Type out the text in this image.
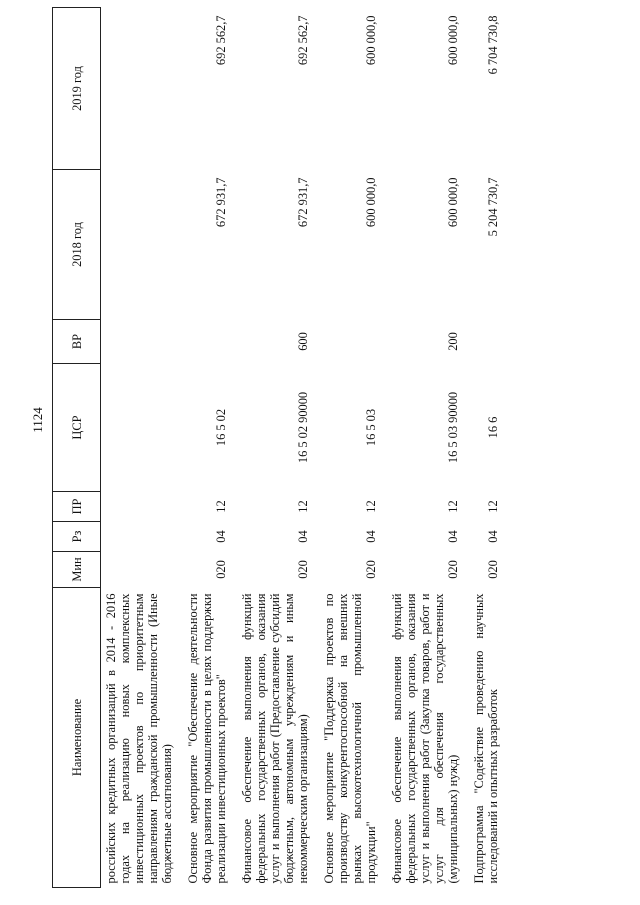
1124
Наименование	Мин	Рз	ПР	ЦСР	ВР	2018 год	2019 год
российских кредитных организаций в 2014 - 2016 годах на реализацию новых комплексных инвестиционных проектов по приоритетным направлениям гражданской промышленности (Иные бюджетные ассигнования)							

Основное мероприятие "Обеспечение деятельности Фонда развития промышленности в целях поддержки реализации инвестиционных проектов"	020	04	12	16 5 02		672 931,7	692 562,7

Финансовое обеспечение выполнения функций федеральных государственных органов, оказания услуг и выполнения работ (Предоставление субсидий бюджетным, автономным учреждениям и иным некоммерческим организациям)	020	04	12	16 5 02 90000	600	672 931,7	692 562,7

Основное мероприятие "Поддержка проектов по производству конкурентоспособной на внешних рынках высокотехнологичной промышленной продукции"	020	04	12	16 5 03		600 000,0	600 000,0

Финансовое обеспечение выполнения функций федеральных государственных органов, оказания услуг и выполнения работ (Закупка товаров, работ и услуг для обеспечения государственных (муниципальных) нужд)	020	04	12	16 5 03 90000	200	600 000,0	600 000,0

Подпрограмма "Содействие проведению научных исследований и опытных разработок	020	04	12	16 6		5 204 730,7	6 704 730,8
